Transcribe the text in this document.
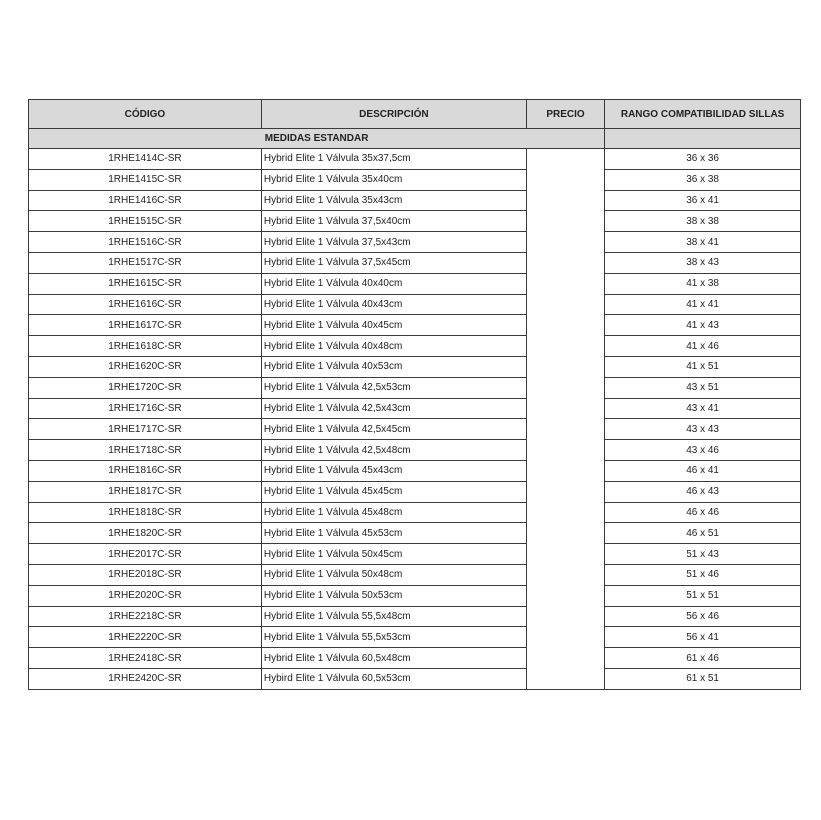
CÓDIGO	DESCRIPCIÓN	PRECIO	RANGO COMPATIBILIDAD SILLAS
MEDIDAS ESTANDAR			
1RHE1414C-SR	Hybrid Elite 1 Válvula 35x37,5cm		36 x 36
1RHE1415C-SR	Hybrid Elite 1 Válvula 35x40cm		36 x 38
1RHE1416C-SR	Hybrid Elite 1 Válvula 35x43cm		36 x 41
1RHE1515C-SR	Hybrid Elite 1 Válvula 37,5x40cm		38 x 38
1RHE1516C-SR	Hybrid Elite 1 Válvula 37,5x43cm		38 x 41
1RHE1517C-SR	Hybrid Elite 1 Válvula 37,5x45cm		38 x 43
1RHE1615C-SR	Hybrid Elite 1 Válvula 40x40cm		41 x 38
1RHE1616C-SR	Hybrid Elite 1 Válvula 40x43cm		41 x 41
1RHE1617C-SR	Hybrid Elite 1 Válvula 40x45cm		41 x 43
1RHE1618C-SR	Hybrid Elite 1 Válvula 40x48cm		41 x 46
1RHE1620C-SR	Hybrid Elite 1 Válvula 40x53cm		41 x 51
1RHE1720C-SR	Hybrid Elite 1 Válvula 42,5x53cm		43 x 51
1RHE1716C-SR	Hybrid Elite 1 Válvula 42,5x43cm		43 x 41
1RHE1717C-SR	Hybrid Elite 1 Válvula 42,5x45cm		43 x 43
1RHE1718C-SR	Hybrid Elite 1 Válvula 42,5x48cm		43 x 46
1RHE1816C-SR	Hybrid Elite 1 Válvula 45x43cm		46 x 41
1RHE1817C-SR	Hybrid Elite 1 Válvula 45x45cm		46 x 43
1RHE1818C-SR	Hybrid Elite 1 Válvula 45x48cm		46 x 46
1RHE1820C-SR	Hybrid Elite 1 Válvula 45x53cm		46 x 51
1RHE2017C-SR	Hybrid Elite 1 Válvula 50x45cm		51 x 43
1RHE2018C-SR	Hybrid Elite 1 Válvula 50x48cm		51 x 46
1RHE2020C-SR	Hybrid Elite 1 Válvula 50x53cm		51 x 51
1RHE2218C-SR	Hybrid Elite 1 Válvula 55,5x48cm		56 x 46
1RHE2220C-SR	Hybrid Elite 1 Válvula 55,5x53cm		56 x 41
1RHE2418C-SR	Hybrid Elite 1 Válvula 60,5x48cm		61 x 46
1RHE2420C-SR	Hybird Elite 1 Válvula 60,5x53cm		61 x 51
